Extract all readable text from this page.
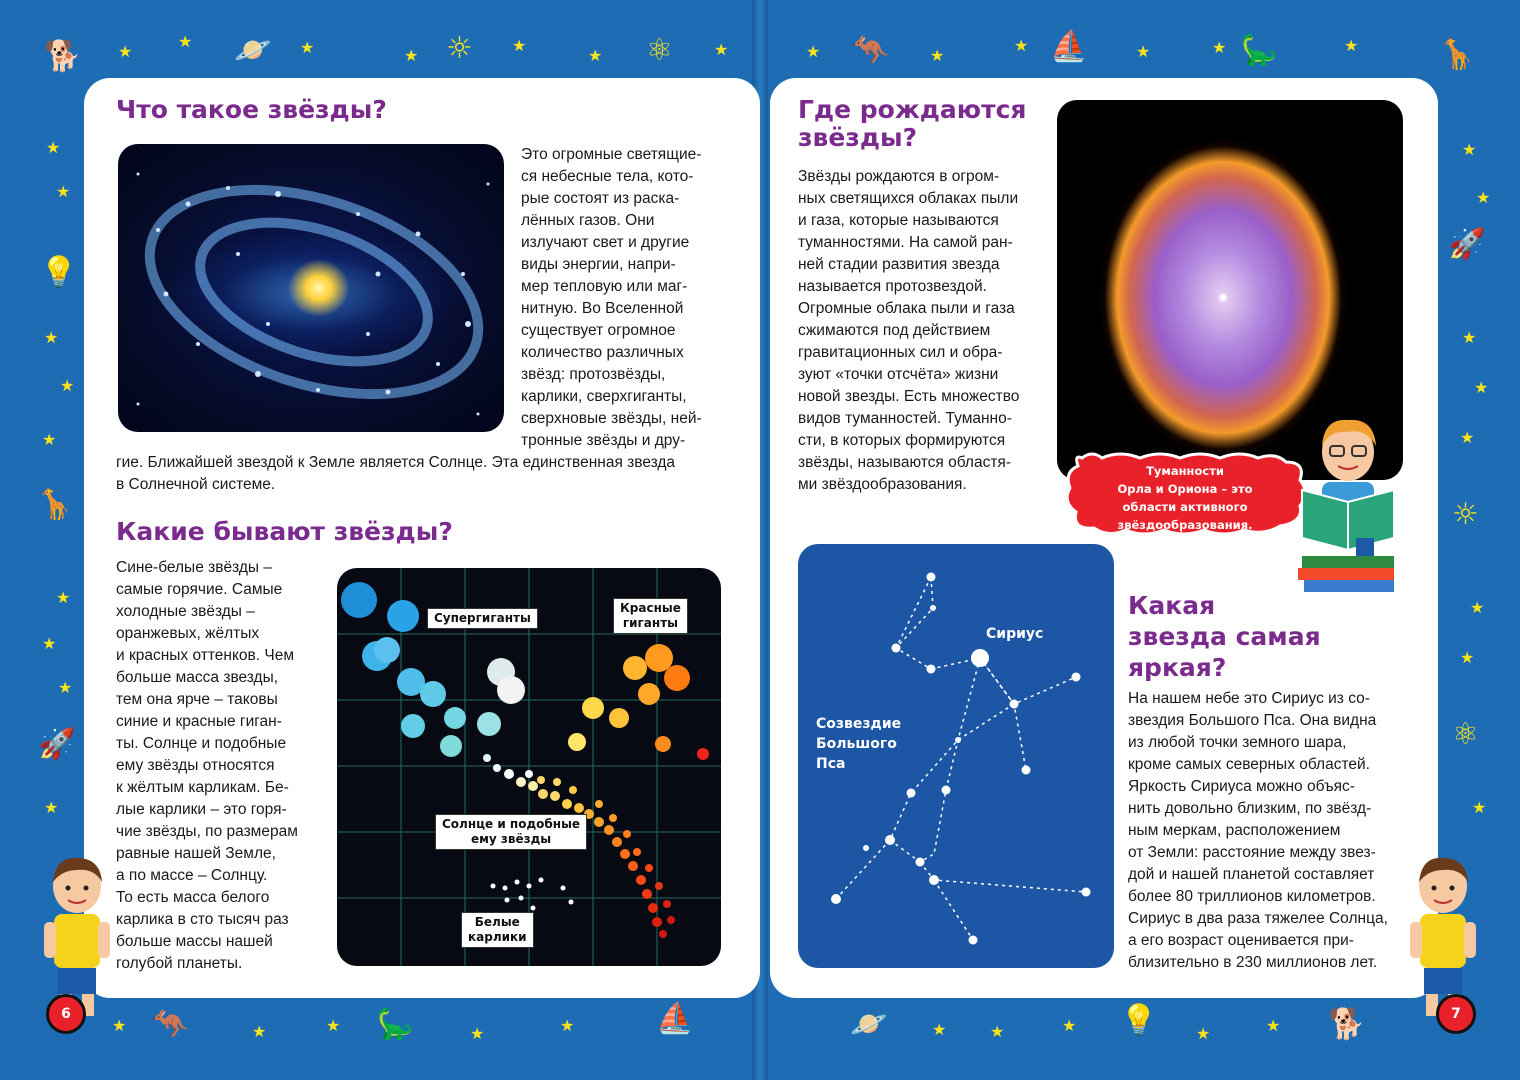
🐕	🪐	☼	⚛
💡
🦒
🚀
🦘	🦕	⛵
🦘	⛵	🦕	🦒
🚀
☼
⚛
🪐	💡	🐕
★
★	★	★
★
★	★
★
★
★
★
★
★
★
★
★
★	★	★	★	★
★	★
★	★	★	★
★
★
★
★
★
★
★
★
★	★	★	★
★
Что такое звёзды?
Это огромные светящие-
ся небесные тела, кото-
рые состоят из раска-
лённых газов. Они
излучают свет и другие
виды энергии, напри-
мер тепловую или маг-
нитную. Во Вселенной
существует огромное
количество различных
звёзд: протозвёзды,
карлики, сверхгиганты,
сверхновые звёзды, ней-
тронные звёзды и дру-
гие. Ближайшей звездой к Земле является Солнце. Эта единственная звезда
в Солнечной системе.
Какие бывают звёзды?
Сине-белые звёзды –
самые горячие. Самые
холодные звёзды –
оранжевых, жёлтых
и красных оттенков. Чем
больше масса звезды,
тем она ярче – таковы
синие и красные гиган-
ты. Солнце и подобные
ему звёзды относятся
к жёлтым карликам. Бе-
лые карлики – это горя-
чие звёзды, по размерам
равные нашей Земле,
а по массе – Солнцу.
То есть масса белого
карлика в сто тысяч раз
больше массы нашей
голубой планеты.
Супергиганты
Красные
гиганты
Солнце и подобные
ему звёзды
Белые
карлики
6
Где рождаются
звёзды?
Звёзды рождаются в огром-
ных светящихся облаках пыли
и газа, которые называются
туманностями. На самой ран-
ней стадии развития звезда
называется протозвездой.
Огромные облака пыли и газа
сжимаются под действием
гравитационных сил и обра-
зуют «точки отсчёта» жизни
новой звезды. Есть множество
видов туманностей. Туманно-
сти, в которых формируются
звёзды, называются областя-
ми звёздообразования.
Туманности
Орла и Ориона – это
области активного
звёздообразования.
Сириус
Созвездие
Большого
Пса
Какая
звезда самая
яркая?
На нашем небе это Сириус из со-
звездия Большого Пса. Она видна
из любой точки земного шара,
кроме самых северных областей.
Яркость Сириуса можно объяс-
нить довольно близким, по звёзд-
ным меркам, расположением
от Земли: расстояние между звез-
дой и нашей планетой составляет
более 80 триллионов километров.
Сириус в два раза тяжелее Солнца,
а его возраст оценивается при-
близительно в 230 миллионов лет.
7
